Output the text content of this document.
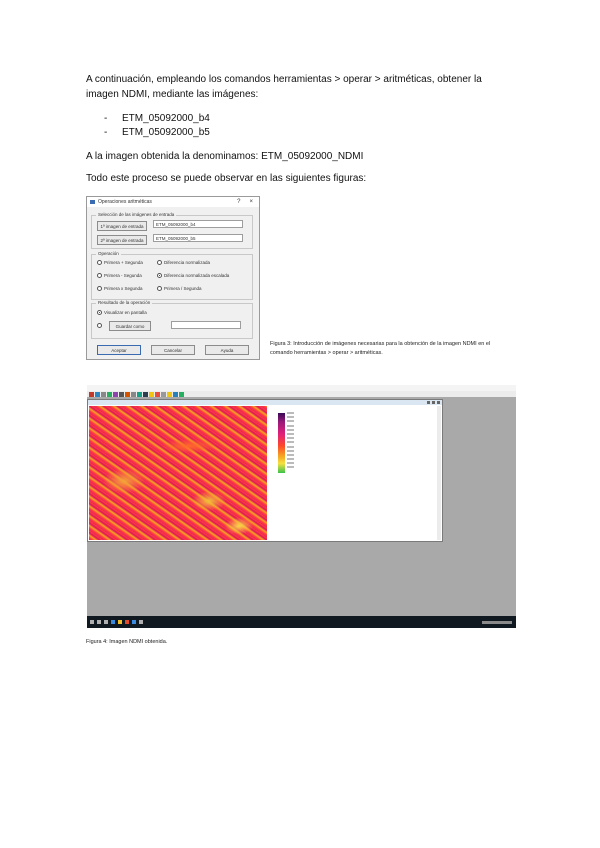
A continuación, empleando los comandos herramientas > operar > aritméticas, obtener la imagen NDMI, mediante las imágenes:

- ETM_05092000_b4
- ETM_05092000_b5

A la imagen obtenida la denominamos: ETM_05092000_NDMI

Todo este proceso se puede observar en las siguientes figuras:

Operaciones aritméticas	? ×
Selección de las imágenes de entrada
1ª imagen de entrada	ETM_05092000_b4
2ª imagen de entrada	ETM_05092000_b5
Operación
Primera + Segunda	Diferencia normalizada
Primera - Segunda	Diferencia normalizada escalada
Primera x Segunda	Primera / Segunda
Resultado de la operación
Visualizar en pantalla
Guardar como
Aceptar	Cancelar	Ayuda
Figura 3: Introducción de imágenes necesarias para la obtención de la imagen NDMI en el comando herramientas > operar > aritméticas.
Figura 4: Imagen NDMI obtenida.
